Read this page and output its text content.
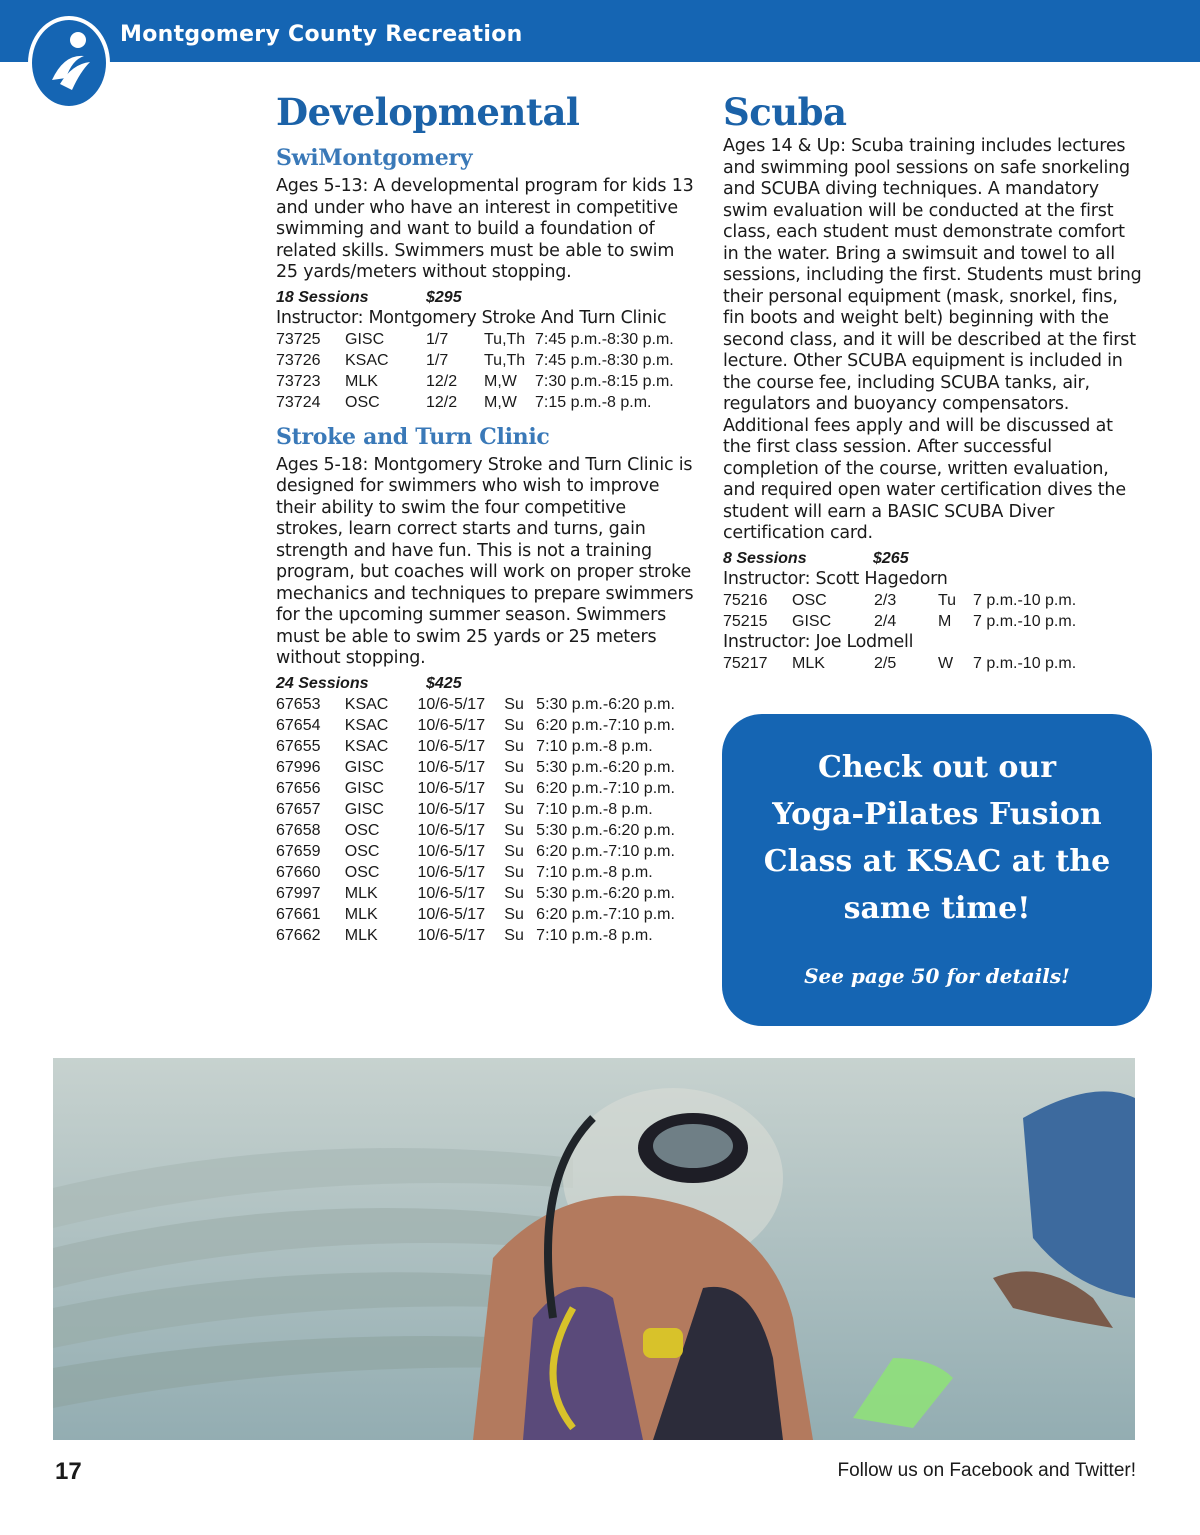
Montgomery County Recreation
Developmental
SwiMontgomery

Ages 5-13: A developmental program for kids 13 and under who have an interest in competitive swimming and want to build a foundation of related skills. Swimmers must be able to swim 25 yards/meters without stopping.

18 Sessions	$295
Instructor: Montgomery Stroke And Turn Clinic
73725	GISC	1/7	Tu,Th	7:45 p.m.-8:30 p.m.
73726	KSAC	1/7	Tu,Th	7:45 p.m.-8:30 p.m.
73723	MLK	12/2	M,W	7:30 p.m.-8:15 p.m.
73724	OSC	12/2	M,W	7:15 p.m.-8 p.m.
Stroke and Turn Clinic

Ages 5-18: Montgomery Stroke and Turn Clinic is designed for swimmers who wish to improve their ability to swim the four competitive strokes, learn correct starts and turns, gain strength and have fun. This is not a training program, but coaches will work on proper stroke mechanics and techniques to prepare swimmers for the upcoming summer season. Swimmers must be able to swim 25 yards or 25 meters without stopping.

24 Sessions	$425
67653	KSAC	10/6-5/17	Su	5:30 p.m.-6:20 p.m.
67654	KSAC	10/6-5/17	Su	6:20 p.m.-7:10 p.m.
67655	KSAC	10/6-5/17	Su	7:10 p.m.-8 p.m.
67996	GISC	10/6-5/17	Su	5:30 p.m.-6:20 p.m.
67656	GISC	10/6-5/17	Su	6:20 p.m.-7:10 p.m.
67657	GISC	10/6-5/17	Su	7:10 p.m.-8 p.m.
67658	OSC	10/6-5/17	Su	5:30 p.m.-6:20 p.m.
67659	OSC	10/6-5/17	Su	6:20 p.m.-7:10 p.m.
67660	OSC	10/6-5/17	Su	7:10 p.m.-8 p.m.
67997	MLK	10/6-5/17	Su	5:30 p.m.-6:20 p.m.
67661	MLK	10/6-5/17	Su	6:20 p.m.-7:10 p.m.
67662	MLK	10/6-5/17	Su	7:10 p.m.-8 p.m.
Scuba

Ages 14 & Up: Scuba training includes lectures and swimming pool sessions on safe snorkeling and SCUBA diving techniques. A mandatory swim evaluation will be conducted at the first class, each student must demonstrate comfort in the water. Bring a swimsuit and towel to all sessions, including the first. Students must bring their personal equipment (mask, snorkel, fins, fin boots and weight belt) beginning with the second class, and it will be described at the first lecture. Other SCUBA equipment is included in the course fee, including SCUBA tanks, air, regulators and buoyancy compensators. Additional fees apply and will be discussed at the first class session. After successful completion of the course, written evaluation, and required open water certification dives the student will earn a BASIC SCUBA Diver certification card.

8 Sessions	$265
Instructor: Scott Hagedorn
75216	OSC	2/3	Tu	7 p.m.-10 p.m.
75215	GISC	2/4	M	7 p.m.-10 p.m.
Instructor: Joe Lodmell
75217	MLK	2/5	W	7 p.m.-10 p.m.
Check out our
Yoga-Pilates Fusion
Class at KSAC at the
same time!
See page 50 for details!
17	Follow us on Facebook and Twitter!
